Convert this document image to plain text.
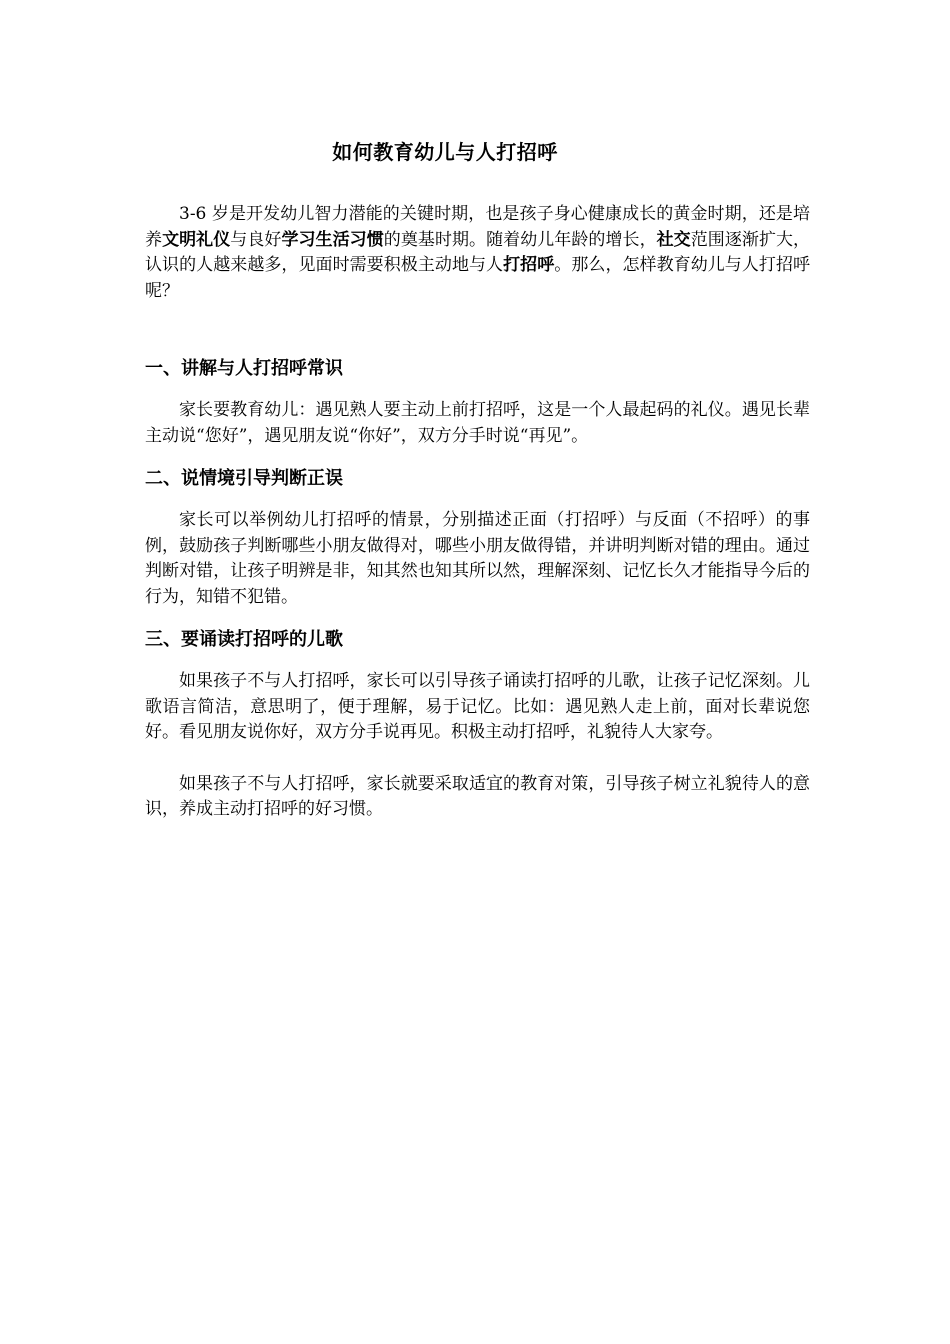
如何教育幼儿与人打招呼

3-6 岁是开发幼儿智力潜能的关键时期，也是孩子身心健康成长的黄金时期，还是培养文明礼仪与良好学习生活习惯的奠基时期。随着幼儿年龄的增长，社交范围逐渐扩大，认识的人越来越多，见面时需要积极主动地与人打招呼。那么，怎样教育幼儿与人打招呼呢？

一、讲解与人打招呼常识

家长要教育幼儿：遇见熟人要主动上前打招呼，这是一个人最起码的礼仪。遇见长辈主动说“您好”，遇见朋友说“你好”，双方分手时说“再见”。

二、说情境引导判断正误

家长可以举例幼儿打招呼的情景，分别描述正面（打招呼）与反面（不招呼）的事例，鼓励孩子判断哪些小朋友做得对，哪些小朋友做得错，并讲明判断对错的理由。通过判断对错，让孩子明辨是非，知其然也知其所以然，理解深刻、记忆长久才能指导今后的行为，知错不犯错。

三、要诵读打招呼的儿歌

如果孩子不与人打招呼，家长可以引导孩子诵读打招呼的儿歌，让孩子记忆深刻。儿歌语言简洁，意思明了，便于理解，易于记忆。比如：遇见熟人走上前，面对长辈说您好。看见朋友说你好，双方分手说再见。积极主动打招呼，礼貌待人大家夸。

如果孩子不与人打招呼，家长就要采取适宜的教育对策，引导孩子树立礼貌待人的意识，养成主动打招呼的好习惯。
